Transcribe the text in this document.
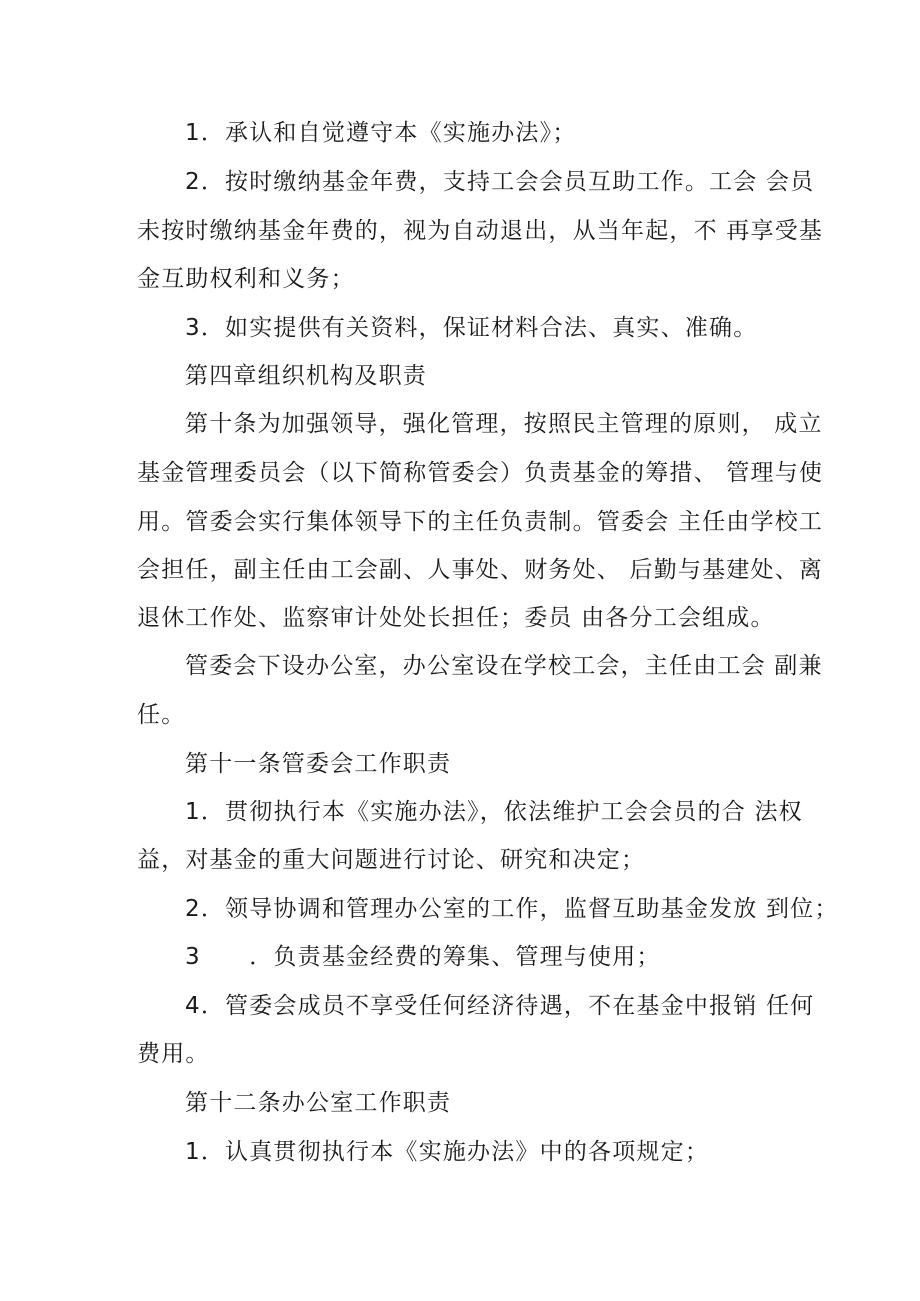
1．承认和自觉遵守本《实施办法》；
2．按时缴纳基金年费，支持工会会员互助工作。工会 会员
未按时缴纳基金年费的，视为自动退出，从当年起，不 再享受基
金互助权利和义务；
3．如实提供有关资料，保证材料合法、真实、准确。
第四章组织机构及职责
第十条为加强领导，强化管理，按照民主管理的原则， 成立
基金管理委员会（以下简称管委会）负责基金的筹措、 管理与使
用。管委会实行集体领导下的主任负责制。管委会 主任由学校工
会担任，副主任由工会副、人事处、财务处、 后勤与基建处、离
退休工作处、监察审计处处长担任；委员 由各分工会组成。
管委会下设办公室，办公室设在学校工会，主任由工会 副兼
任。
第十一条管委会工作职责
1．贯彻执行本《实施办法》，依法维护工会会员的合 法权
益，对基金的重大问题进行讨论、研究和决定；
2．领导协调和管理办公室的工作，监督互助基金发放 到位；
3　　．负责基金经费的筹集、管理与使用；
4．管委会成员不享受任何经济待遇，不在基金中报销 任何
费用。
第十二条办公室工作职责
1．认真贯彻执行本《实施办法》中的各项规定；
